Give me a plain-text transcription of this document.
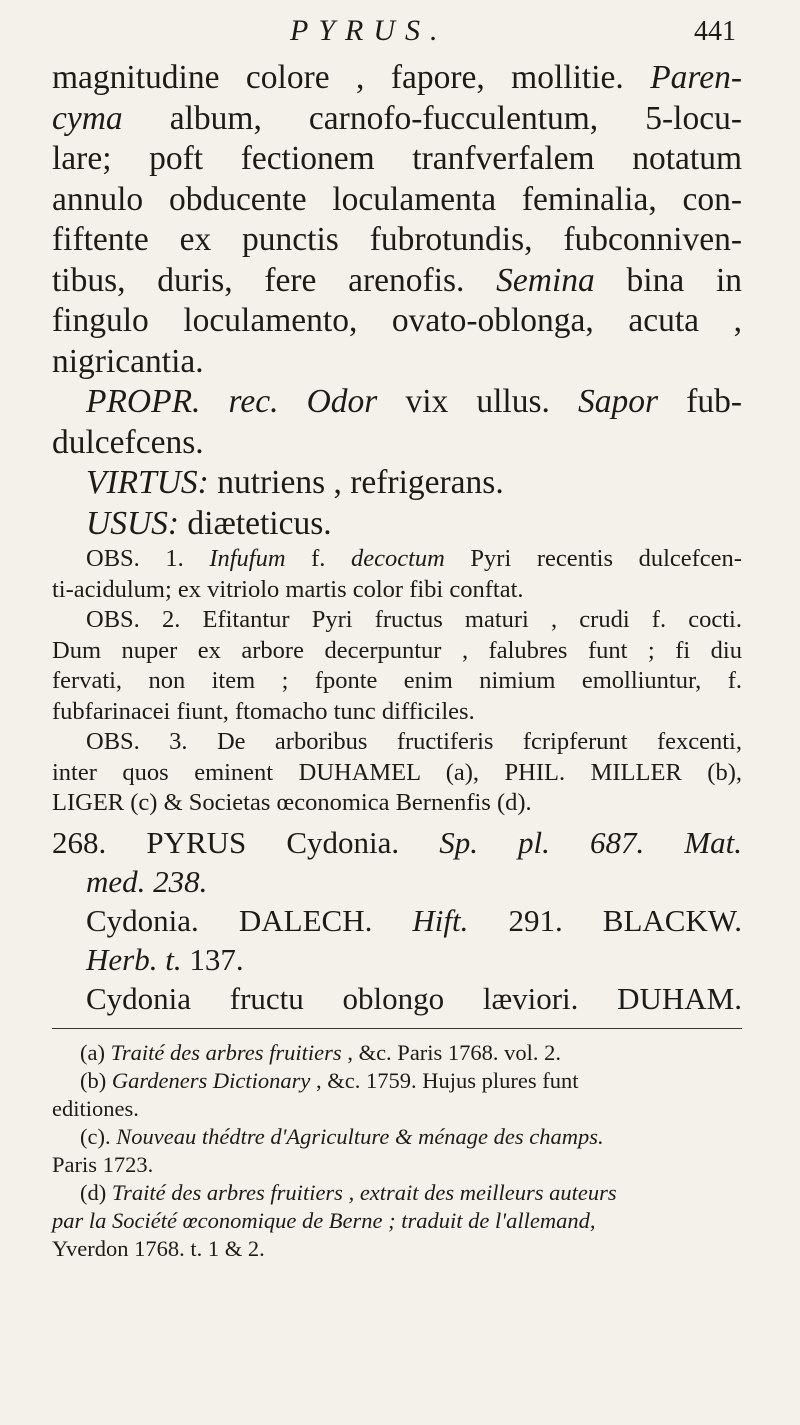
PYRUS.	441

magnitudine colore , fapore, mollitie. Paren-

cyma album, carnofo-fucculentum, 5-locu-

lare; poft fectionem tranfverfalem notatum

annulo obducente loculamenta feminalia, con-

fiftente ex punctis fubrotundis, fubconniven-

tibus, duris, fere arenofis. Semina bina in

fingulo loculamento, ovato-oblonga, acuta ,

nigricantia.

PROPR. rec. Odor vix ullus. Sapor fub-

dulcefcens.

VIRTUS: nutriens , refrigerans.

USUS: diæteticus.

OBS. 1. Infufum f. decoctum Pyri recentis dulcefcen-

ti-acidulum; ex vitriolo martis color fibi conftat.

OBS. 2. Efitantur Pyri fructus maturi , crudi f. cocti.

Dum nuper ex arbore decerpuntur , falubres funt ; fi diu

fervati, non item ; fponte enim nimium emolliuntur, f.

fubfarinacei fiunt, ftomacho tunc difficiles.

OBS. 3. De arboribus fructiferis fcripferunt fexcenti,

inter quos eminent DUHAMEL (a), PHIL. MILLER (b),

LIGER (c) & Societas œconomica Bernenfis (d).

268. PYRUS Cydonia. Sp. pl. 687. Mat.

med. 238.

Cydonia. DALECH. Hift. 291. BLACKW.

Herb. t. 137.

Cydonia fructu oblongo læviori. DUHAM.

(a) Traité des arbres fruitiers , &c. Paris 1768. vol. 2.

(b) Gardeners Dictionary , &c. 1759. Hujus plures funt

editiones.

(c). Nouveau thédtre d'Agriculture & ménage des champs.

Paris 1723.

(d) Traité des arbres fruitiers , extrait des meilleurs auteurs

par la Société œconomique de Berne ; traduit de l'allemand,

Yverdon 1768. t. 1 & 2.
